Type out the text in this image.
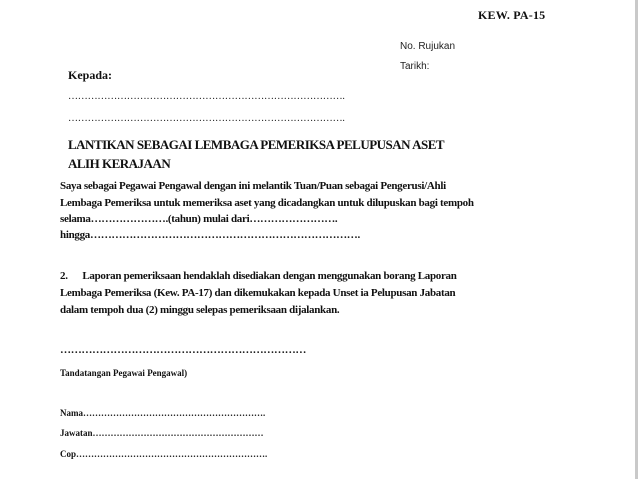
KEW. PA-15
No. Rujukan
Tarikh:
Kepada:
………………………………………………………………………….
………………………………………………………………………….
LANTIKAN SEBAGAI LEMBAGA PEMERIKSA PELUPUSAN ASET
ALIH KERAJAAN
Saya sebagai Pegawai Pengawal dengan ini melantik Tuan/Puan sebagai Pengerusi/Ahli
Lembaga Pemeriksa untuk memeriksa aset yang dicadangkan untuk dilupuskan bagi tempoh
selama………………….(tahun) mulai dari…………………….
hingga………………………………………………………………….
2.      Laporan pemeriksaan hendaklah disediakan dengan menggunakan borang Laporan
Lembaga Pemeriksa (Kew. PA-17) dan dikemukakan kepada Unset ia Pelupusan Jabatan
dalam tempoh dua (2) minggu selepas pemeriksaan dijalankan.
……………………………………………………………
Tandatangan Pegawai Pengawal)
Nama…………………………………………………….
Jawatan…………………………………………………
Cop……………………………………………………….
